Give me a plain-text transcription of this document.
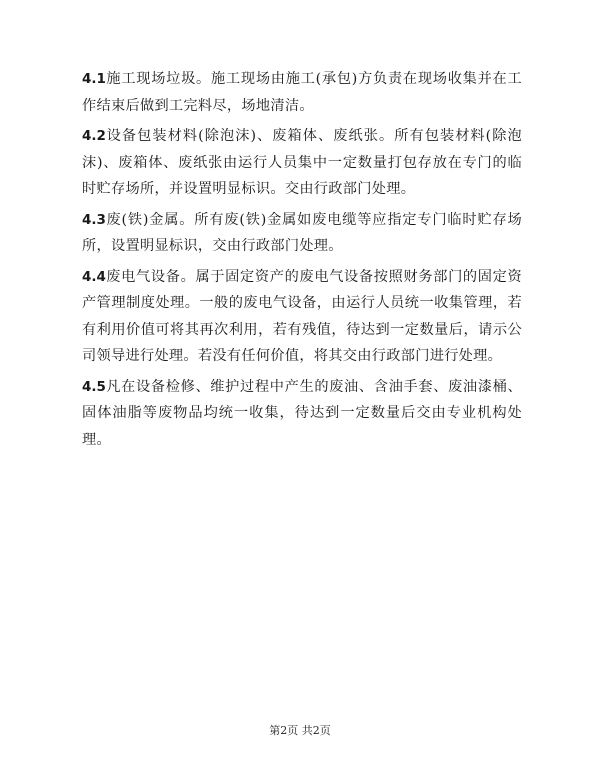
4.1施工现场垃圾。施工现场由施工(承包)方负责在现场收集并在工作结束后做到工完料尽，场地清洁。

4.2设备包装材料(除泡沫)、废箱体、废纸张。所有包装材料(除泡沫)、废箱体、废纸张由运行人员集中一定数量打包存放在专门的临时贮存场所，并设置明显标识。交由行政部门处理。

4.3废(铁)金属。所有废(铁)金属如废电缆等应指定专门临时贮存场所，设置明显标识，交由行政部门处理。

4.4废电气设备。属于固定资产的废电气设备按照财务部门的固定资产管理制度处理。一般的废电气设备，由运行人员统一收集管理，若有利用价值可将其再次利用，若有残值，待达到一定数量后，请示公司领导进行处理。若没有任何价值，将其交由行政部门进行处理。

4.5凡在设备检修、维护过程中产生的废油、含油手套、废油漆桶、固体油脂等废物品均统一收集，待达到一定数量后交由专业机构处理。

第2页 共2页
